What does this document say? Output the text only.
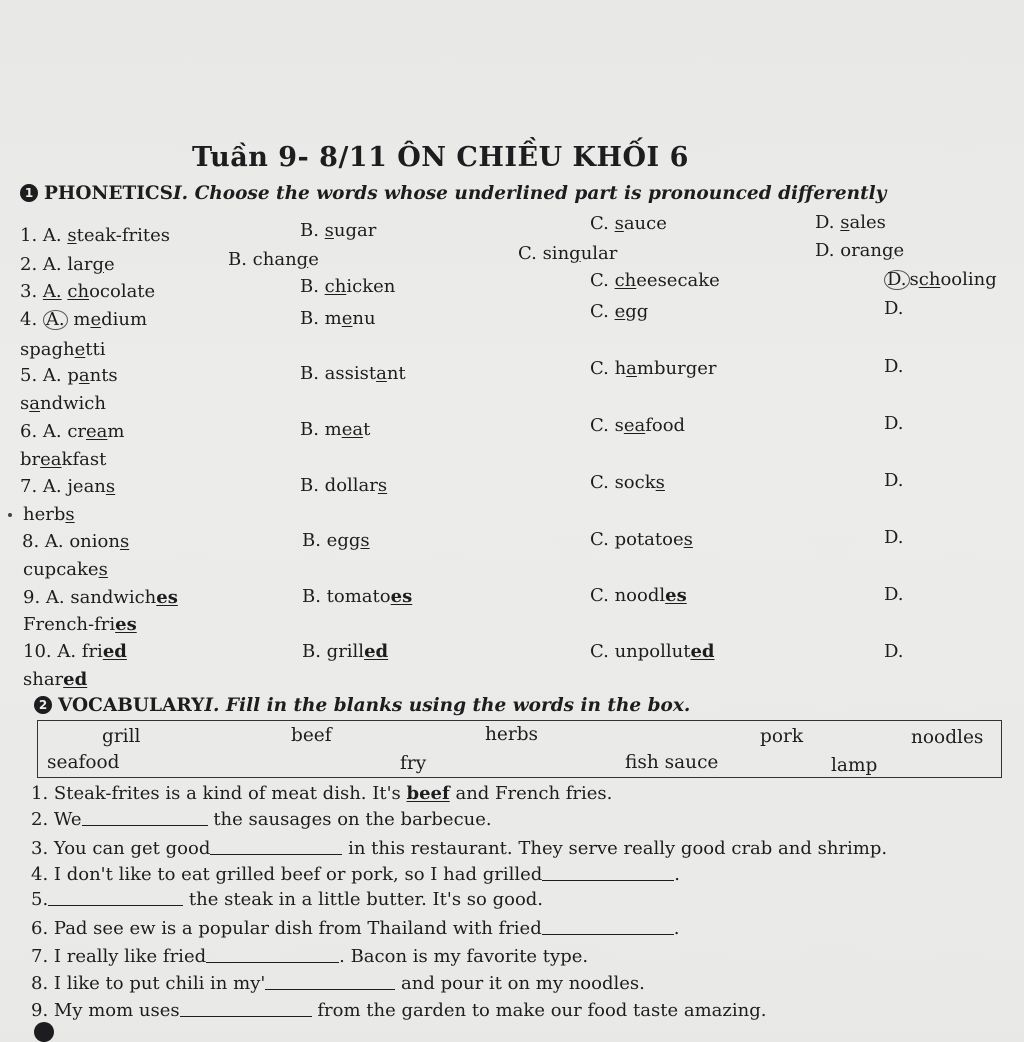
Tuần 9- 8/11 ÔN CHIỀU KHỐI 6
1 PHONETICSI. Choose the words whose underlined part is pronounced differently
1. A. steak-frites	B. sugar	C. sauce	D. sales
2. A. large	B. change	C. singular	D. orange
3. A. chocolate	B. chicken	C. cheesecake	D. schooling
4. A. medium	B. menu	C. egg	D.
spaghetti
5. A. pants	B. assistant	C. hamburger	D.
sandwich
6. A. cream	B. meat	C. seafood	D.
breakfast
7. A. jeans	B. dollars	C. socks	D.
herbs
8. A. onions	B. eggs	C. potatoes	D.
cupcakes
9. A. sandwiches	B. tomatoes	C. noodles	D.
French-fries
10. A. fried	B. grilled	C. unpolluted	D.
shared
2 VOCABULARYI. Fill in the blanks using the words in the box.
grill	beef	herbs	pork	noodles
seafood	fry	fish sauce	lamp
1. Steak-frites is a kind of meat dish. It's beef and French fries.
2. We	the sausages on the barbecue.
3. You can get good	in this restaurant. They serve really good crab and shrimp.
4. I don't like to eat grilled beef or pork, so I had grilled	.
5.	the steak in a little butter. It's so good.
6. Pad see ew is a popular dish from Thailand with fried	.
7. I really like fried	. Bacon is my favorite type.
8. I like to put chili in my'	and pour it on my noodles.
9. My mom uses	from the garden to make our food taste amazing.
